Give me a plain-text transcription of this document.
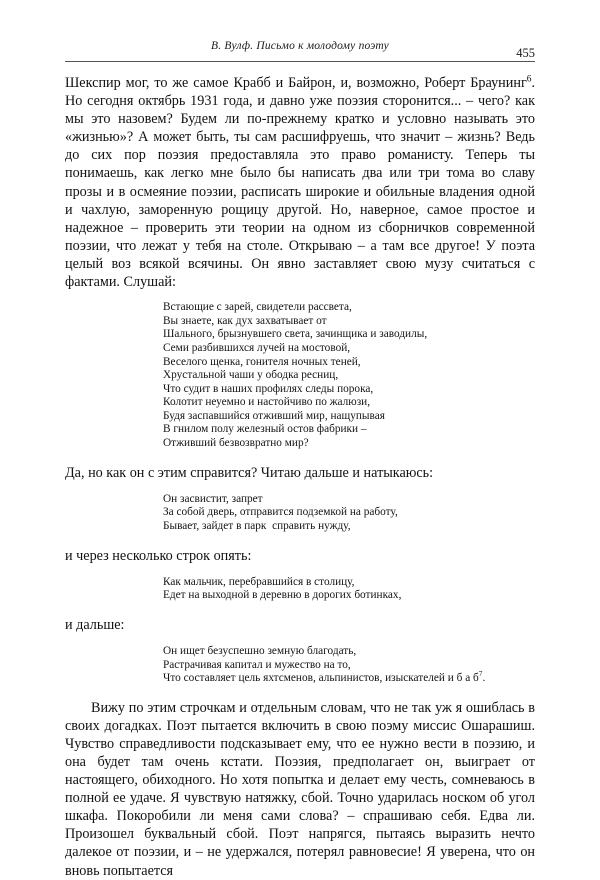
В. Вулф. Письмо к молодому поэту	455

Шекспир мог, то же самое Крабб и Байрон, и, возможно, Роберт Браунинг$^6$. Но сегодня октябрь 1931 года, и давно уже поэзия сторонится... – чего? как мы это назовем? Будем ли по-прежнему кратко и условно называть это «жизнью»? А может быть, ты сам расшифруешь, что значит – жизнь? Ведь до сих пор поэзия предоставляла это право романисту. Теперь ты понимаешь, как легко мне было бы написать два или три тома во славу прозы и в осмеяние поэзии, расписать широкие и обильные владения одной и чахлую, заморенную рощицу другой. Но, наверное, самое простое и надежное – проверить эти теории на одном из сборничков современной поэзии, что лежат у тебя на столе. Открываю – а там все другое! У поэта целый воз всякой всячины. Он явно заставляет свою музу считаться с фактами. Слушай:

Встающие с зарей, свидетели рассвета,
Вы знаете, как дух захватывает от
Шального, брызнувшего света, зачинщика и заводилы,
Семи разбившихся лучей на мостовой,
Веселого щенка, гонителя ночных теней,
Хрустальной чаши у ободка ресниц,
Что судит в наших профилях следы порока,
Колотит неуемно и настойчиво по жалюзи,
Будя заспавшийся отживший мир, нащупывая
В гнилом полу железный остов фабрики –
Отживший безвозвратно мир?

Да, но как он с этим справится? Читаю дальше и натыкаюсь:

Он засвистит, запрет
За собой дверь, отправится подземкой на работу,
Бывает, зайдет в парк  справить нужду,

и через несколько строк опять:

Как мальчик, перебравшийся в столицу,
Едет на выходной в деревню в дорогих ботинках,

и дальше:

Он ищет безуспешно земную благодать,
Растрачивая капитал и мужество на то,
Что составляет цель яхтсменов, альпинистов, изыскателей и б а $б^7$.

Вижу по этим строчкам и отдельным словам, что не так уж я ошиблась в своих догадках. Поэт пытается включить в свою поэму миссис Ошарашиш. Чувство справедливости подсказывает ему, что ее нужно вести в поэзию, и она будет там очень кстати. Поэзия, предполагает он, выиграет от настоящего, обиходного. Но хотя попытка и делает ему честь, сомневаюсь в полной ее удаче. Я чувствую натяжку, сбой. Точно ударилась носком об угол шкафа. Покоробили ли меня сами слова? – спрашиваю себя. Едва ли. Произошел буквальный сбой. Поэт напрягся, пытаясь выразить нечто далекое от поэзии, и – не удержался, потерял равновесие! Я уверена, что он вновь попытается
